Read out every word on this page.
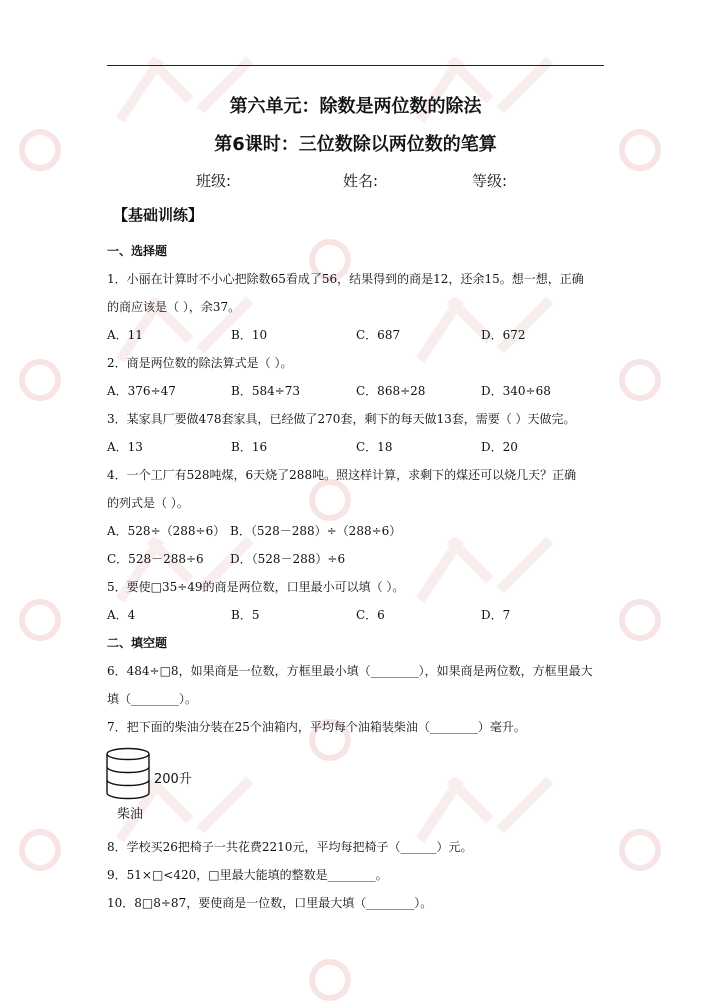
第六单元：除数是两位数的除法
第6课时：三位数除以两位数的笔算
班级:	姓名:	等级:
【基础训练】
一、选择题
1．小丽在计算时不小心把除数65看成了56，结果得到的商是12，还余15。想一想，正确
的商应该是（ ），余37。
A．11	B．10	C．687	D．672
2．商是两位数的除法算式是（ ）。
A．376÷47	B．584÷73	C．868÷28	D．340÷68
3．某家具厂要做478套家具，已经做了270套，剩下的每天做13套，需要（ ）天做完。
A．13	B．16	C．18	D．20
4．一个工厂有528吨煤，6天烧了288吨。照这样计算，求剩下的煤还可以烧几天？正确
的列式是（ ）。
A．528÷（288÷6） B．（528－288）÷（288÷6）
C．528－288÷6 D．（528－288）÷6
5．要使□35÷49的商是两位数，口里最小可以填（ ）。
A．4	B．5	C．6	D．7
二、填空题
6．484÷□8，如果商是一位数，方框里最小填（________），如果商是两位数，方框里最大
填（________）。
7．把下面的柴油分装在25个油箱内，平均每个油箱装柴油（________）毫升。
200升
柴油
8．学校买26把椅子一共花费2210元，平均每把椅子（______）元。
9．51×□<420，□里最大能填的整数是________。
10．8□8÷87，要使商是一位数，口里最大填（________）。
